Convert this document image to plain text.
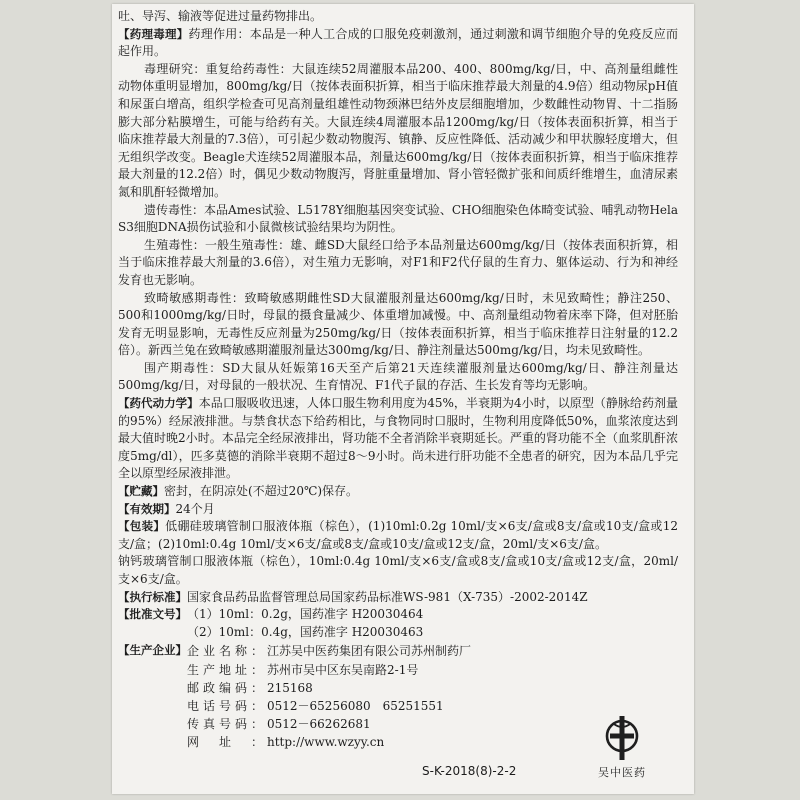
吐、导泻、输液等促进过量药物排出。

【药理毒理】药理作用：本品是一种人工合成的口服免疫刺激剂，通过刺激和调节细胞介导的免疫反应而起作用。

毒理研究：重复给药毒性：大鼠连续52周灌服本品200、400、800mg/kg/日，中、高剂量组雌性动物体重明显增加，800mg/kg/日（按体表面积折算，相当于临床推荐最大剂量的4.9倍）组动物尿pH值和尿蛋白增高，组织学检查可见高剂量组雄性动物颈淋巴结外皮层细胞增加，少数雌性动物胃、十二指肠膨大部分粘膜增生，可能与给药有关。大鼠连续4周灌服本品1200mg/kg/日（按体表面积折算，相当于临床推荐最大剂量的7.3倍），可引起少数动物腹泻、镇静、反应性降低、活动减少和甲状腺轻度增大，但无组织学改变。Beagle犬连续52周灌服本品，剂量达600mg/kg/日（按体表面积折算，相当于临床推荐最大剂量的12.2倍）时，偶见少数动物腹泻，肾脏重量增加、肾小管轻微扩张和间质纤维增生，血清尿素氮和肌酐轻微增加。

遗传毒性：本品Ames试验、L5178Y细胞基因突变试验、CHO细胞染色体畸变试验、哺乳动物Hela S3细胞DNA损伤试验和小鼠微核试验结果均为阴性。

生殖毒性：一般生殖毒性：雄、雌SD大鼠经口给予本品剂量达600mg/kg/日（按体表面积折算，相当于临床推荐最大剂量的3.6倍），对生殖力无影响，对F1和F2代仔鼠的生育力、躯体运动、行为和神经发育也无影响。

致畸敏感期毒性：致畸敏感期雌性SD大鼠灌服剂量达600mg/kg/日时，未见致畸性；静注250、500和1000mg/kg/日时，母鼠的摄食量减少、体重增加减慢。中、高剂量组动物着床率下降，但对胚胎发育无明显影响，无毒性反应剂量为250mg/kg/日（按体表面积折算，相当于临床推荐日注射量的12.2倍）。新西兰兔在致畸敏感期灌服剂量达300mg/kg/日、静注剂量达500mg/kg/日，均未见致畸性。

围产期毒性：SD大鼠从妊娠第16天至产后第21天连续灌服剂量达600mg/kg/日、静注剂量达500mg/kg/日，对母鼠的一般状况、生育情况、F1代子鼠的存活、生长发育等均无影响。

【药代动力学】本品口服吸收迅速，人体口服生物利用度为45%，半衰期为4小时，以原型（静脉给药剂量的95%）经尿液排泄。与禁食状态下给药相比，与食物同时口服时，生物利用度降低50%，血浆浓度达到最大值时晚2小时。本品完全经尿液排出，肾功能不全者消除半衰期延长。严重的肾功能不全（血浆肌酐浓度5mg/dl），匹多莫德的消除半衰期不超过8～9小时。尚未进行肝功能不全患者的研究，因为本品几乎完全以原型经尿液排泄。

【贮藏】密封，在阴凉处(不超过20℃)保存。

【有效期】24个月

【包装】低硼硅玻璃管制口服液体瓶（棕色），(1)10ml:0.2g 10ml/支×6支/盒或8支/盒或10支/盒或12支/盒；(2)10ml:0.4g 10ml/支×6支/盒或8支/盒或10支/盒或12支/盒，20ml/支×6支/盒。

钠钙玻璃管制口服液体瓶（棕色），10ml:0.4g 10ml/支×6支/盒或8支/盒或10支/盒或12支/盒，20ml/支×6支/盒。

【执行标准】 国家食品药品监督管理总局国家药品标准WS-981（X-735）-2002-2014Z
【批准文号】 （1）10ml：0.2g，国药准字 H20030464
（2）10ml：0.4g，国药准字 H20030463
【生产企业】 企业名称： 江苏吴中医药集团有限公司苏州制药厂
生产地址： 苏州市吴中区东吴南路2-1号
邮政编码： 215168
电话号码： 0512－65256080　65251551
传真号码： 0512－66262681
网址： http://www.wzyy.cn
S-K-2018(8)-2-2	吴中医药
